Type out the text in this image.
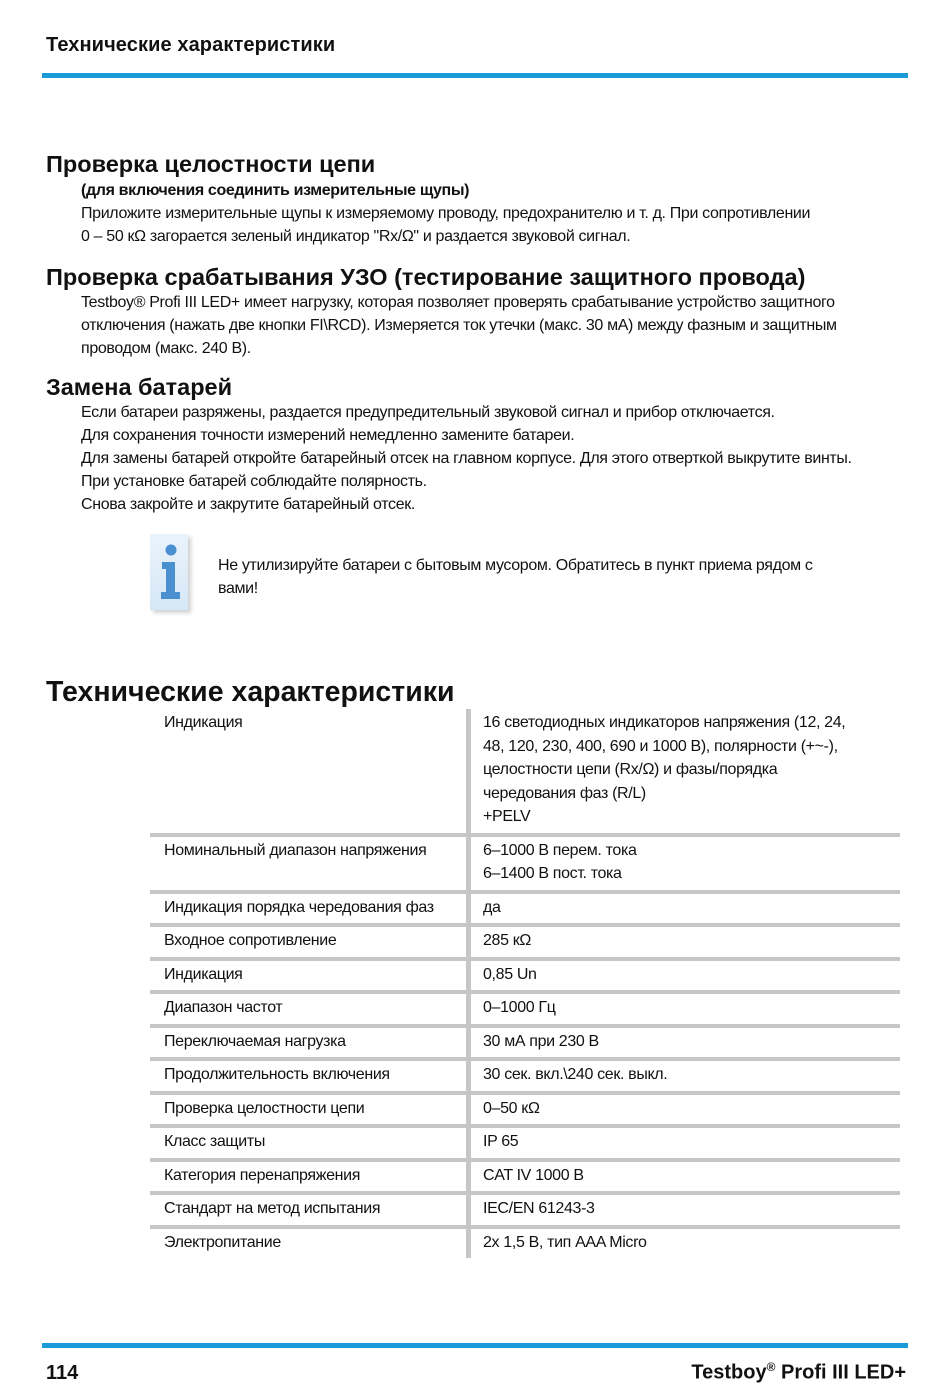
Технические характеристики
Проверка целостности цепи
(для включения соединить измерительные щупы)
Приложите измерительные щупы к измеряемому проводу, предохранителю и т. д. При сопротивлении
0 – 50 кΩ загорается зеленый индикатор "Rx/Ω" и раздается звуковой сигнал.
Проверка срабатывания УЗО (тестирование защитного провода)
Testboy® Profi III LED+ имеет нагрузку, которая позволяет проверять срабатывание устройство защитного
отключения (нажать две кнопки FI\RCD). Измеряется ток утечки (макс. 30 мА) между фазным и защитным
проводом (макс. 240 В).
Замена батарей
Если батареи разряжены, раздается предупредительный звуковой сигнал и прибор отключается.
Для сохранения точности измерений немедленно замените батареи.
Для замены батарей откройте батарейный отсек на главном корпусе. Для этого отверткой выкрутите винты.
При установке батарей соблюдайте полярность.
Снова закройте и закрутите батарейный отсек.
Не утилизируйте батареи с бытовым мусором. Обратитесь в пункт приема рядом с
вами!
Технические характеристики
Индикация	16 светодиодных индикаторов напряжения (12, 24,
48, 120, 230, 400, 690 и 1000 В), полярности (+~-),
целостности цепи (Rx/Ω) и фазы/порядка
чередования фаз (R/L)
+PELV

Номинальный диапазон напряжения	6–1000 В перем. тока
6–1400 В пост. тока

Индикация порядка чередования фаз	да

Входное сопротивление	285 кΩ

Индикация	0,85 Un

Диапазон частот	0–1000 Гц

Переключаемая нагрузка	30 мА при 230 В

Продолжительность включения	30 сек. вкл.\240 сек. выкл.

Проверка целостности цепи	0–50 кΩ

Класс защиты	IP 65

Категория перенапряжения	CAT IV 1000 В

Стандарт на метод испытания	IEC/EN 61243-3

Электропитание	2x 1,5 В, тип AAA Micro
114	Testboy® Profi III LED+
